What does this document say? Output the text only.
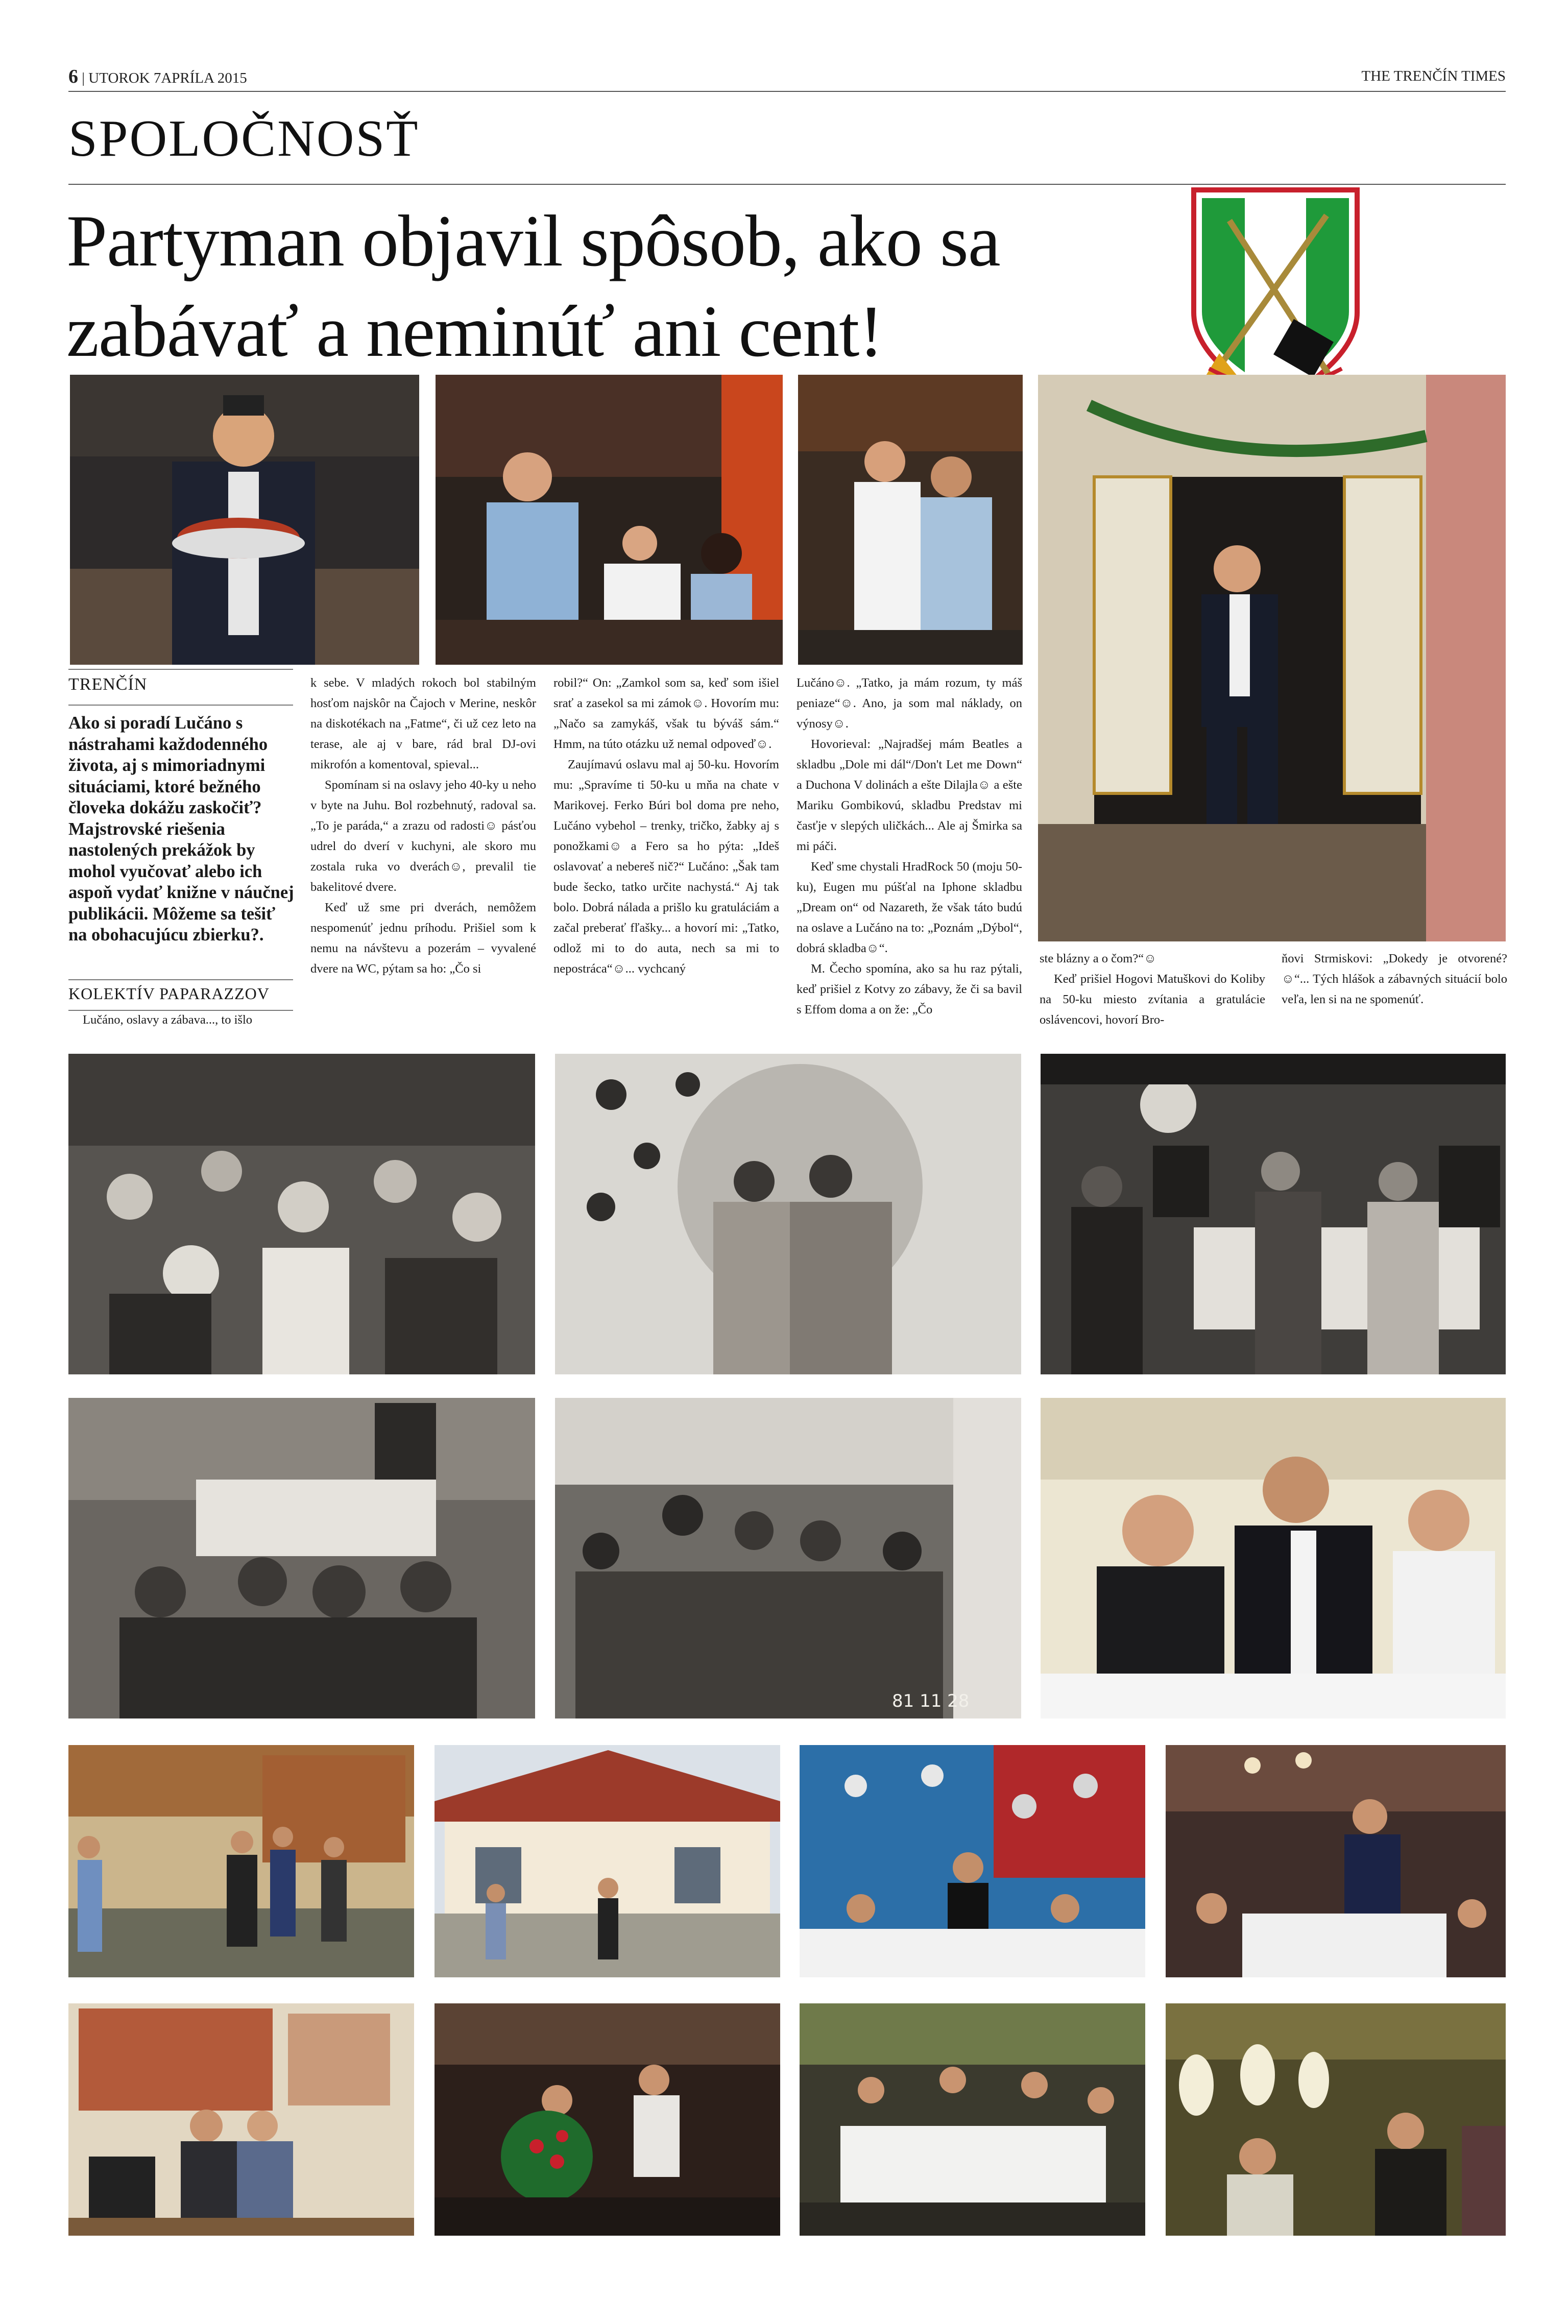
6 | UTOROK 7APRÍLA 2015	THE TRENČÍN TIMES
SPOLOČNOSŤ
Partyman objavil spôsob, ako sa
zabávať a neminúť ani cent!
TRENČÍN
Ako si poradí Lučáno s nástrahami každodenného života, aj s mimoriadnymi situáciami, ktoré bežného človeka dokážu zaskočiť? Majstrovské riešenia nastolených prekážok by mohol vyučovať alebo ich aspoň vydať knižne v náučnej publikácii. Môžeme sa tešiť na obohacujúcu zbierku?.
KOLEKTÍV PAPARAZZOV

Lučáno, oslavy a zábava..., to išlo

k sebe. V mladých rokoch bol stabilným hosťom najskôr na Čajoch v Merine, neskôr na diskotékach na „Fatme“, či už cez leto na terase, ale aj v bare, rád bral DJ-ovi mikrofón a komentoval, spieval...

Spomínam si na oslavy jeho 40-ky u neho v byte na Juhu. Bol rozbehnutý, radoval sa. „To je paráda,“ a zrazu od radosti☺ pásťou udrel do dverí v kuchyni, ale skoro mu zostala ruka vo dverách☺, prevalil tie bakelitové dvere.

Keď už sme pri dverách, nemôžem nespomenúť jednu príhodu. Prišiel som k nemu na návštevu a pozerám – vyvalené dvere na WC, pýtam sa ho: „Čo si

robil?“ On: „Zamkol som sa, keď som išiel srať a zasekol sa mi zámok☺. Hovorím mu: „Načo sa zamykáš, však tu býváš sám.“ Hmm, na túto otázku už nemal odpoveď☺.

Zaujímavú oslavu mal aj 50-ku. Hovorím mu: „Spravíme ti 50-ku u mňa na chate v Marikovej. Ferko Búri bol doma pre neho, Lučáno vybehol – trenky, tričko, žabky aj s ponožkami☺ a Fero sa ho pýta: „Ideš oslavovať a nebereš nič?“ Lučáno: „Šak tam bude šecko, tatko určite nachystá.“ Aj tak bolo. Dobrá nálada a prišlo ku gratuláciám a začal preberať fľašky... a hovorí mi: „Tatko, odlož mi to do auta, nech sa mi to nepostráca“☺... vychcaný

Lučáno☺. „Tatko, ja mám rozum, ty máš peniaze“☺. Ano, ja som mal náklady, on výnosy☺.

Hovorieval: „Najradšej mám Beatles a skladbu „Dole mi dál“/Don't Let me Down“ a Duchona V dolinách a ešte Dilajla☺ a ešte Mariku Gombikovú, skladbu Predstav mi časťje v slepých uličkách... Ale aj Šmirka sa mi páči.

Keď sme chystali HradRock 50 (moju 50-ku), Eugen mu púšťal na Iphone skladbu „Dream on“ od Nazareth, že však táto budú na oslave a Lučáno na to: „Poznám „Dýbol“, dobrá skladba☺“.

M. Čecho spomína, ako sa hu raz pýtali, keď prišiel z Kotvy zo zábavy, že či sa bavil s Effom doma a on že: „Čo

ste blázny a o čom?“☺

Keď prišiel Hogovi Matuškovi do Koliby na 50-ku miesto zvítania a gratulácie oslávencovi, hovorí Bro-

ňovi Strmiskovi: „Dokedy je otvorené? ☺“... Tých hlášok a zábavných situácií bolo veľa, len si na ne spomenúť.

81 11 28
